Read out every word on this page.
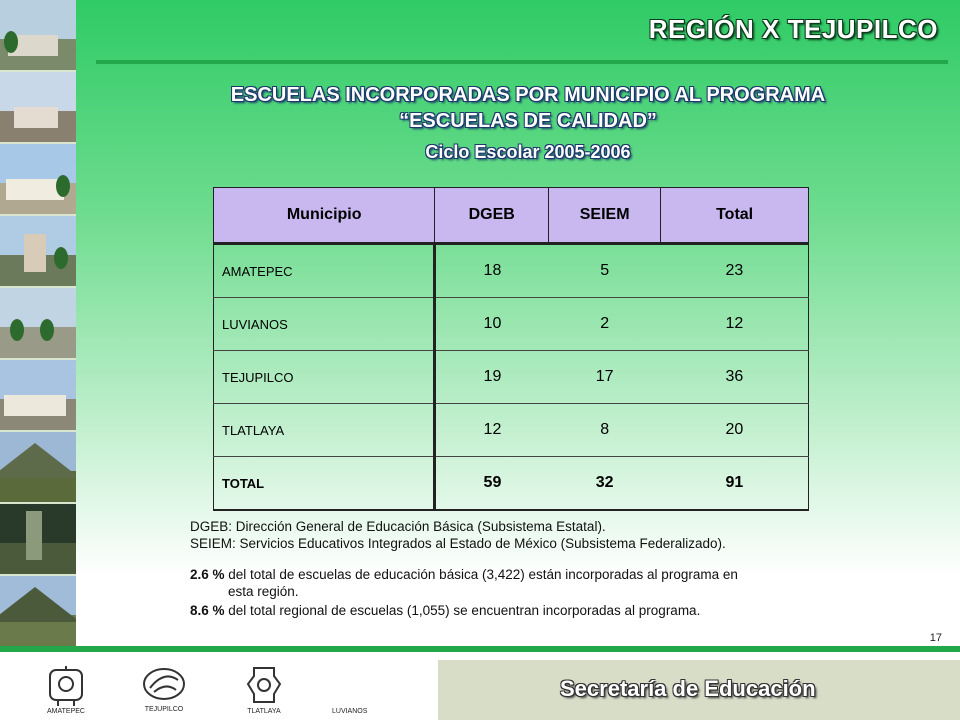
REGIÓN X TEJUPILCO
ESCUELAS INCORPORADAS POR MUNICIPIO AL PROGRAMA
“ESCUELAS DE CALIDAD”
Ciclo Escolar 2005-2006
Municipio	DGEB	SEIEM	Total
AMATEPEC	18	5	23
LUVIANOS	10	2	12
TEJUPILCO	19	17	36
TLATLAYA	12	8	20
TOTAL	59	32	91
DGEB: Dirección General de Educación Básica (Subsistema Estatal).
SEIEM: Servicios Educativos Integrados al Estado de México (Subsistema Federalizado).
2.6 % del total de escuelas de educación básica (3,422) están incorporadas al programa en
esta región.
8.6 % del total regional de escuelas (1,055) se encuentran incorporadas al programa.
17
Secretaría de Educación
AMATEPEC	TEJUPILCO	TLATLAYA	LUVIANOS
